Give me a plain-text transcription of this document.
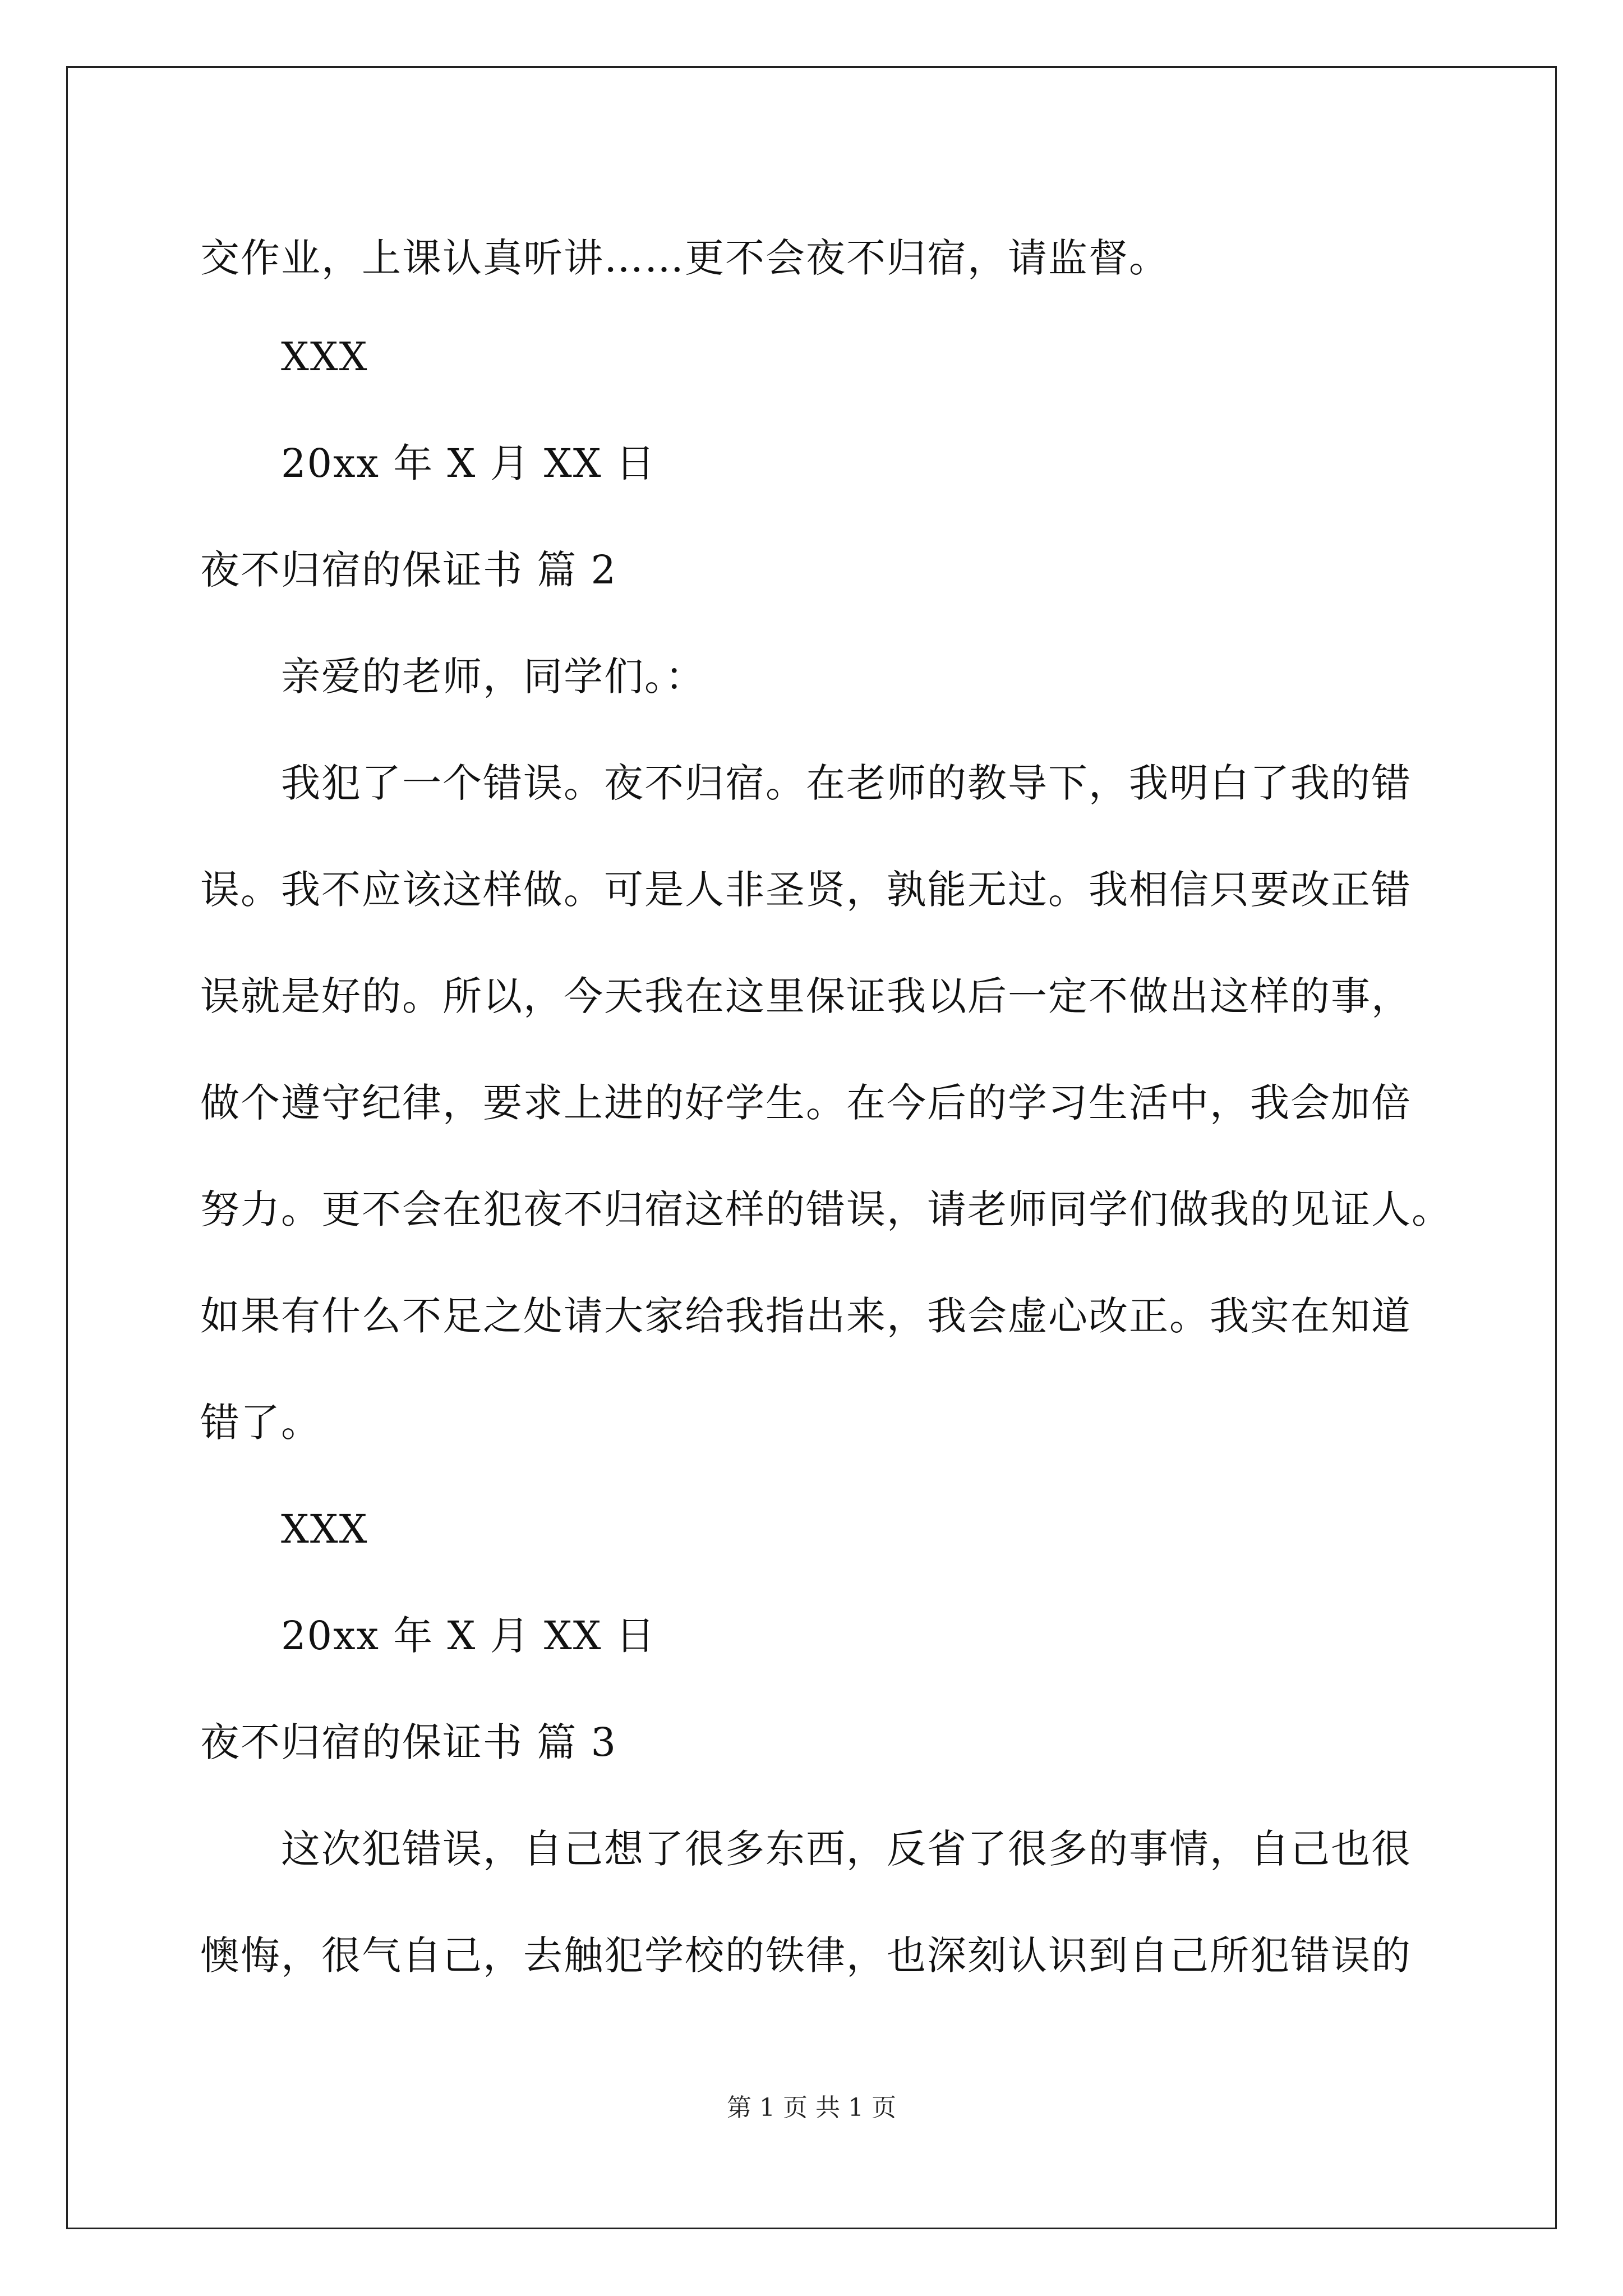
交作业，上课认真听讲……更不会夜不归宿，请监督。
XXX
20xx 年 X 月 XX 日
夜不归宿的保证书 篇 2
亲爱的老师，同学们。：
我犯了一个错误。夜不归宿。在老师的教导下，我明白了我的错
误。我不应该这样做。可是人非圣贤，孰能无过。我相信只要改正错
误就是好的。所以，今天我在这里保证我以后一定不做出这样的事，
做个遵守纪律，要求上进的好学生。在今后的学习生活中，我会加倍
努力。更不会在犯夜不归宿这样的错误，请老师同学们做我的见证人。
如果有什么不足之处请大家给我指出来，我会虚心改正。我实在知道
错了。
XXX
20xx 年 X 月 XX 日
夜不归宿的保证书 篇 3
这次犯错误，自己想了很多东西，反省了很多的事情，自己也很
懊悔，很气自己，去触犯学校的铁律，也深刻认识到自己所犯错误的
第 1 页 共 1 页
